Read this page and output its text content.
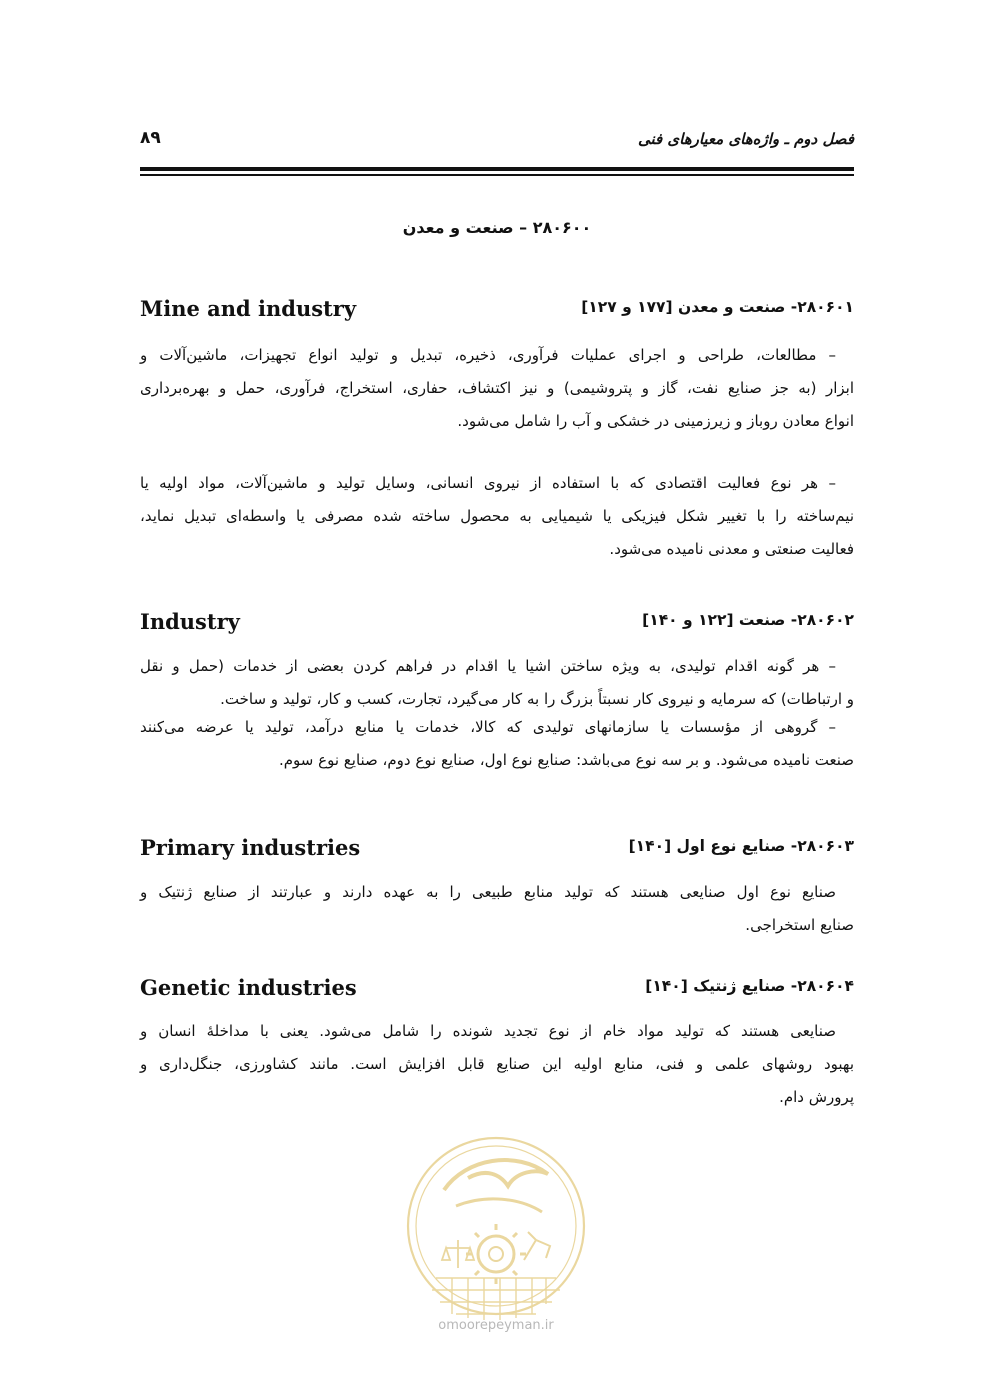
فصل دوم ـ واژه‌های معیارهای فنی
۸۹
۲۸۰۶۰۰ – صنعت و معدن
۲۸۰۶۰۱- صنعت و معدن [۱۷۷ و ۱۲۷]
Mine and industry
– مطالعات، طراحی و اجرای عملیات فرآوری، ذخیره، تبدیل و تولید انواع تجهیزات، ماشین‌آلات و
ابزار (به جز صنایع نفت، گاز و پتروشیمی) و نیز اکتشاف، حفاری، استخراج، فرآوری، حمل و بهره‌برداری
انواع معادن روباز و زیرزمینی در خشکی و آب را شامل می‌شود.
– هر نوع فعالیت اقتصادی که با استفاده از نیروی انسانی، وسایل تولید و ماشین‌آلات، مواد اولیه یا
نیم‌ساخته را با تغییر شکل فیزیکی یا شیمیایی به محصول ساخته شده مصرفی یا واسطه‌ای تبدیل نماید،
فعالیت صنعتی و معدنی نامیده می‌شود.
۲۸۰۶۰۲- صنعت [۱۲۲ و ۱۴۰]
Industry
– هر گونه اقدام تولیدی، به ویژه ساختن اشیا یا اقدام در فراهم کردن بعضی از خدمات (حمل و نقل
و ارتباطات) که سرمایه و نیروی کار نسبتاً بزرگ را به کار می‌گیرد، تجارت، کسب و کار، تولید و ساخت.
– گروهی از مؤسسات یا سازمانهای تولیدی که کالا، خدمات یا منابع درآمد، تولید یا عرضه می‌کنند
صنعت نامیده می‌شود. و بر سه نوع می‌باشد: صنایع نوع اول، صنایع نوع دوم، صنایع نوع سوم.
۲۸۰۶۰۳- صنایع نوع اول [۱۴۰]
Primary industries
صنایع نوع اول صنایعی هستند که تولید منابع طبیعی را به عهده دارند و عبارتند از صنایع ژنتیک و
صنایع استخراجی.
۲۸۰۶۰۴- صنایع ژنتیک [۱۴۰]
Genetic industries
صنایعی هستند که تولید مواد خام از نوع تجدید شونده را شامل می‌شود. یعنی با مداخلهٔ انسان و
بهبود روشهای علمی و فنی، منابع اولیه این صنایع قابل افزایش است. مانند کشاورزی، جنگل‌داری و
پرورش دام.
omoorepeyman.ir
